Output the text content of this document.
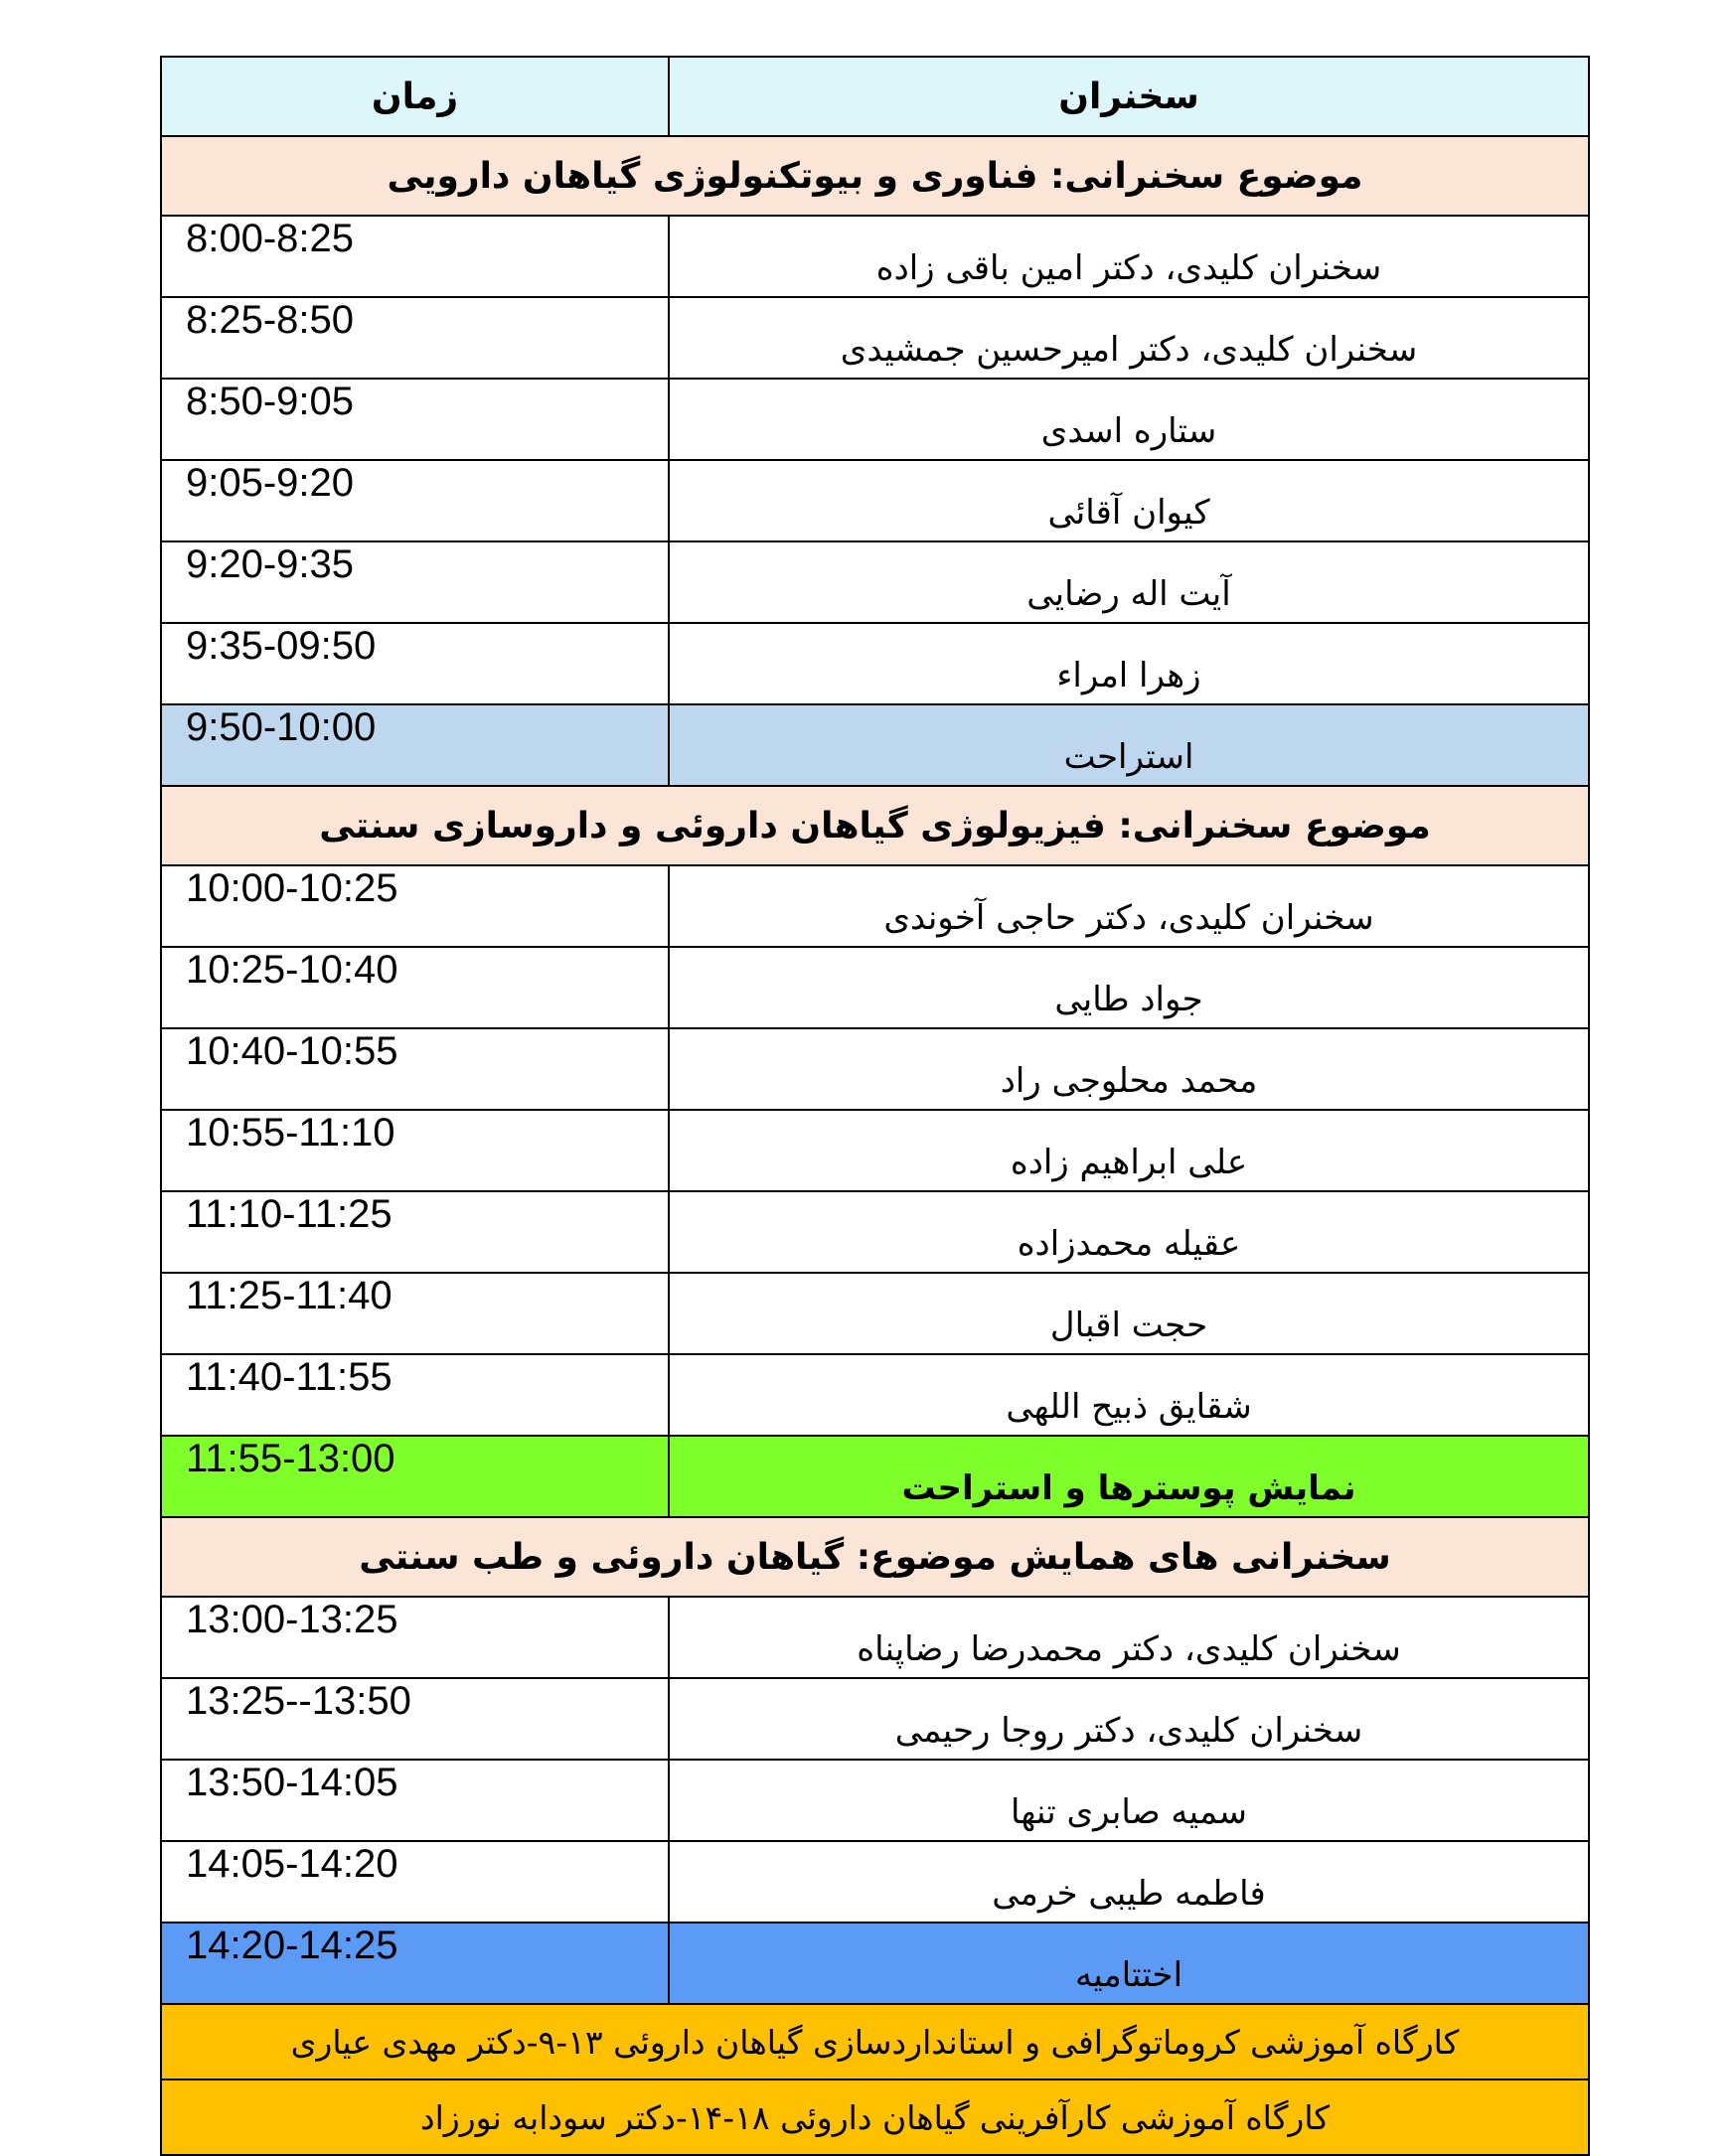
زمان	سخنران
موضوع سخنرانی: فناوری و بیوتکنولوژی گیاهان دارویی	
8:00-8:25	سخنران کلیدی، دکتر امین باقی زاده
8:25-8:50	سخنران کلیدی، دکتر امیرحسین جمشیدی
8:50-9:05	ستاره اسدی
9:05-9:20	کیوان آقائی
9:20-9:35	آیت اله رضایی
9:35-09:50	زهرا امراء
9:50-10:00	استراحت
موضوع سخنرانی: فیزیولوژی گیاهان داروئی و داروسازی سنتی	
10:00-10:25	سخنران کلیدی، دکتر حاجی آخوندی
10:25-10:40	جواد طایی
10:40-10:55	محمد محلوجی راد
10:55-11:10	علی ابراهیم زاده
11:10-11:25	عقیله محمدزاده
11:25-11:40	حجت اقبال
11:40-11:55	شقایق ذبیح اللهی
11:55-13:00	نمایش پوسترها و استراحت
سخنرانی های همایش موضوع: گیاهان داروئی و طب سنتی	
13:00-13:25	سخنران کلیدی، دکتر محمدرضا رضاپناه
13:25--13:50	سخنران کلیدی، دکتر روجا رحیمی
13:50-14:05	سمیه صابری تنها
14:05-14:20	فاطمه طیبی خرمی
14:20-14:25	اختتامیه
کارگاه آموزشی کروماتوگرافی و استانداردسازی گیاهان داروئی ۱۳-۹-دکتر مهدی عیاری	
کارگاه آموزشی کارآفرینی گیاهان داروئی ۱۸-۱۴-دکتر سودابه نورزاد	
